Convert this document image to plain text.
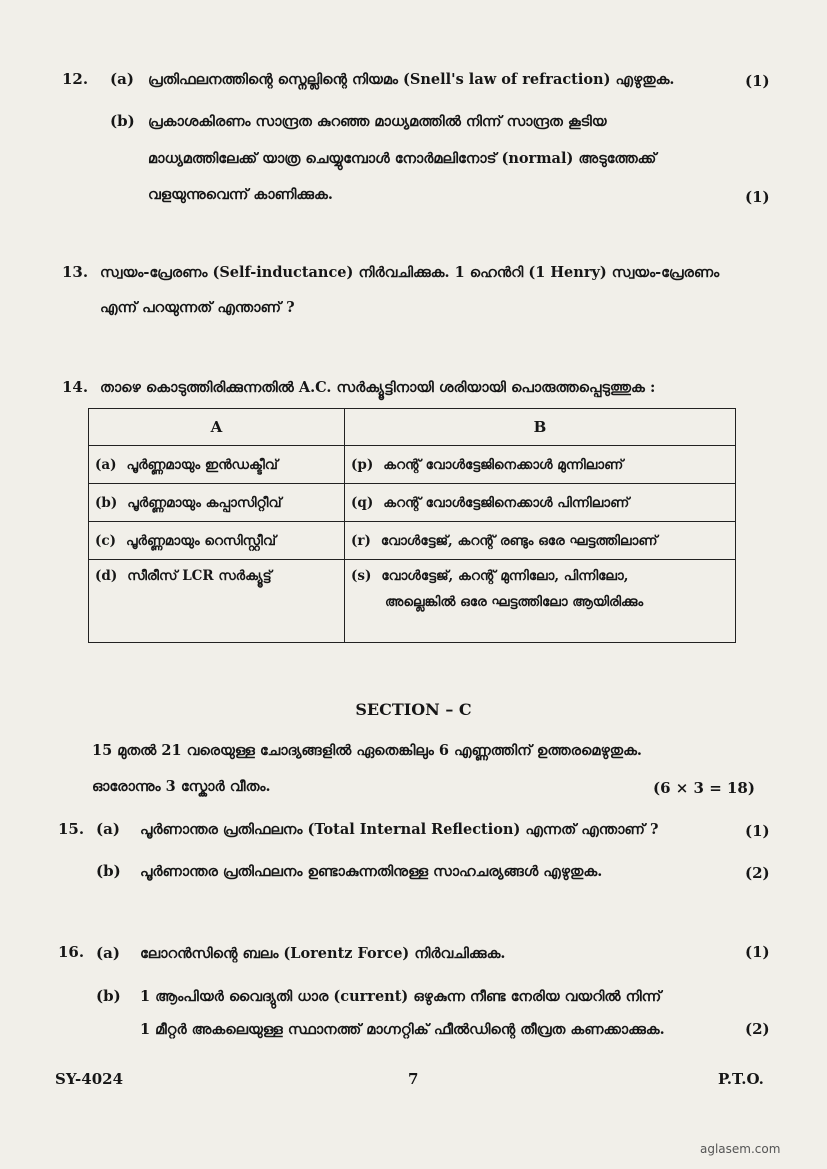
12. (a) പ്രതിഫലനത്തിന്റെ സ്നെല്ലിന്റെ നിയമം (Snell's law of refraction) എഴുതുക.	(1)
(b) പ്രകാശകിരണം സാന്ദ്രത കുറഞ്ഞ മാധ്യമത്തിൽ നിന്ന് സാന്ദ്രത കൂടിയ
മാധ്യമത്തിലേക്ക് യാത്ര ചെയ്യുമ്പോൾ നോർമലിനോട് (normal) അടുത്തേക്ക്
വളയുന്നുവെന്ന് കാണിക്കുക.	(1)
13. സ്വയം-പ്രേരണം (Self-inductance) നിർവചിക്കുക. 1 ഹെൻറി (1 Henry) സ്വയം-പ്രേരണം
എന്ന് പറയുന്നത് എന്താണ് ?
14. താഴെ കൊടുത്തിരിക്കുന്നതിൽ A.C. സർക്യൂട്ടിനായി ശരിയായി പൊരുത്തപ്പെടുത്തുക :
A	B
(a) പൂർണ്ണമായും ഇൻഡക്ടീവ്	(p) കറന്റ് വോൾട്ടേജിനെക്കാൾ മുന്നിലാണ്
(b) പൂർണ്ണമായും കപ്പാസിറ്റീവ്	(q) കറന്റ് വോൾട്ടേജിനെക്കാൾ പിന്നിലാണ്
(c) പൂർണ്ണമായും റെസിസ്റ്റീവ്	(r) വോൾട്ടേജ്, കറന്റ് രണ്ടും ഒരേ ഘട്ടത്തിലാണ്
(d) സീരീസ് LCR സർക്യൂട്ട്	(s) വോൾട്ടേജ്, കറന്റ് മുന്നിലോ, പിന്നിലോ,
അല്ലെങ്കിൽ ഒരേ ഘട്ടത്തിലോ ആയിരിക്കും
SECTION – C
15 മുതൽ 21 വരെയുള്ള ചോദ്യങ്ങളിൽ ഏതെങ്കിലും 6 എണ്ണത്തിന് ഉത്തരമെഴുതുക.
ഓരോന്നും 3 സ്കോർ വീതം.	(6 × 3 = 18)
15. (a) പൂർണാന്തര പ്രതിഫലനം (Total Internal Reflection) എന്നത് എന്താണ് ?	(1)
(b) പൂർണാന്തര പ്രതിഫലനം ഉണ്ടാകുന്നതിനുള്ള സാഹചര്യങ്ങൾ എഴുതുക.	(2)
16. (a) ലോറൻസിന്റെ ബലം (Lorentz Force) നിർവചിക്കുക.	(1)
(b) 1 ആംപിയർ വൈദ്യുതി ധാര (current) ഒഴുകുന്ന നീണ്ട നേരിയ വയറിൽ നിന്ന്
1 മീറ്റർ അകലെയുള്ള സ്ഥാനത്ത് മാഗ്നറ്റിക് ഫീൽഡിന്റെ തീവ്രത കണക്കാക്കുക.	(2)
SY-4024	7	P.T.O.
aglasem.com
